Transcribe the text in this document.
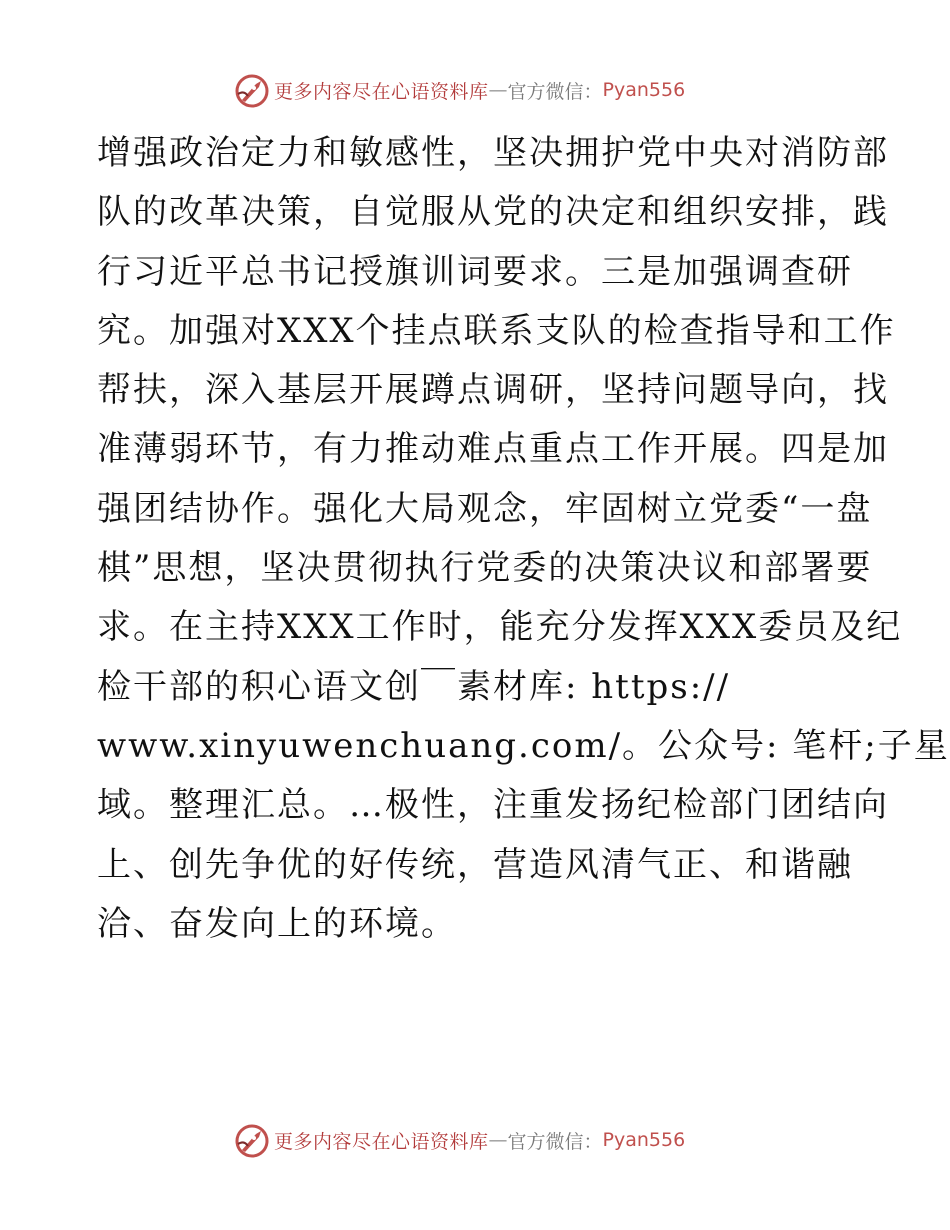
更多内容尽在心语资料库 — 官方微信： Pyan556
增强政治定力和敏感性，坚决拥护党中央对消防部
队的改革决策，自觉服从党的决定和组织安排，践
行习近平总书记授旗训词要求。三是加强调查研
究。加强对XXX个挂点联系支队的检查指导和工作
帮扶，深入基层开展蹲点调研，坚持问题导向，找
准薄弱环节，有力推动难点重点工作开展。四是加
强团结协作。强化大局观念，牢固树立党委“一盘
棋”思想，坚决贯彻执行党委的决策决议和部署要
求。在主持XXX工作时，能充分发挥XXX委员及纪
检干部的积心语文创￣素材库: https://
www.xinyuwenchuang.com/。公众号: 笔杆;子星
域。整理汇总。…极性，注重发扬纪检部门团结向
上、创先争优的好传统，营造风清气正、和谐融
洽、奋发向上的环境。
更多内容尽在心语资料库 — 官方微信： Pyan556
